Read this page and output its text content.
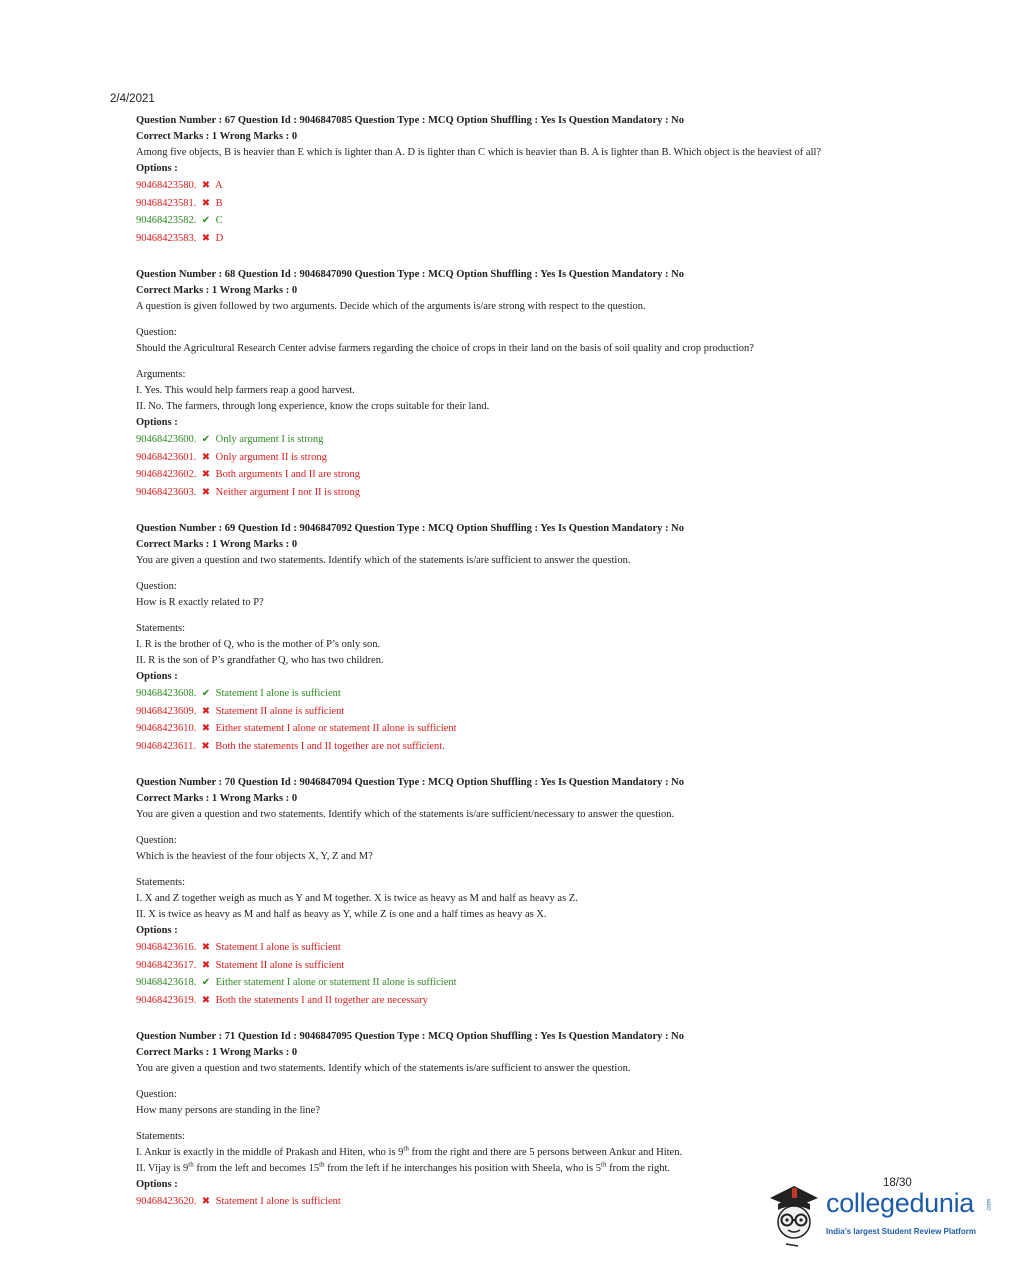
2/4/2021
Question Number : 67 Question Id : 9046847085 Question Type : MCQ Option Shuffling : Yes Is Question Mandatory : No
Correct Marks : 1 Wrong Marks : 0
Among five objects, B is heavier than E which is lighter than A. D is lighter than C which is heavier than B. A is lighter than B. Which object is the heaviest of all?
Options :
90468423580. ✖ A
90468423581. ✖ B
90468423582. ✔ C
90468423583. ✖ D
Question Number : 68 Question Id : 9046847090 Question Type : MCQ Option Shuffling : Yes Is Question Mandatory : No
Correct Marks : 1 Wrong Marks : 0
A question is given followed by two arguments. Decide which of the arguments is/are strong with respect to the question.
Question:
Should the Agricultural Research Center advise farmers regarding the choice of crops in their land on the basis of soil quality and crop production?
Arguments:
I. Yes. This would help farmers reap a good harvest.
II. No. The farmers, through long experience, know the crops suitable for their land.
Options :
90468423600. ✔ Only argument I is strong
90468423601. ✖ Only argument II is strong
90468423602. ✖ Both arguments I and II are strong
90468423603. ✖ Neither argument I nor II is strong
Question Number : 69 Question Id : 9046847092 Question Type : MCQ Option Shuffling : Yes Is Question Mandatory : No
Correct Marks : 1 Wrong Marks : 0
You are given a question and two statements. Identify which of the statements is/are sufficient to answer the question.
Question:
How is R exactly related to P?
Statements:
I. R is the brother of Q, who is the mother of P’s only son.
II. R is the son of P’s grandfather Q, who has two children.
Options :
90468423608. ✔ Statement I alone is sufficient
90468423609. ✖ Statement II alone is sufficient
90468423610. ✖ Either statement I alone or statement II alone is sufficient
90468423611. ✖ Both the statements I and II together are not sufficient.
Question Number : 70 Question Id : 9046847094 Question Type : MCQ Option Shuffling : Yes Is Question Mandatory : No
Correct Marks : 1 Wrong Marks : 0
You are given a question and two statements. Identify which of the statements is/are sufficient/necessary to answer the question.
Question:
Which is the heaviest of the four objects X, Y, Z and M?
Statements:
I. X and Z together weigh as much as Y and M together. X is twice as heavy as M and half as heavy as Z.
II. X is twice as heavy as M and half as heavy as Y, while Z is one and a half times as heavy as X.
Options :
90468423616. ✖ Statement I alone is sufficient
90468423617. ✖ Statement II alone is sufficient
90468423618. ✔ Either statement I alone or statement II alone is sufficient
90468423619. ✖ Both the statements I and II together are necessary
Question Number : 71 Question Id : 9046847095 Question Type : MCQ Option Shuffling : Yes Is Question Mandatory : No
Correct Marks : 1 Wrong Marks : 0
You are given a question and two statements. Identify which of the statements is/are sufficient to answer the question.
Question:
How many persons are standing in the line?
Statements:
I. Ankur is exactly in the middle of Prakash and Hiten, who is 9th from the right and there are 5 persons between Ankur and Hiten.
II. Vijay is 9th from the left and becomes 15th from the left if he interchanges his position with Sheela, who is 5th from the right.
Options :
90468423620. ✖ Statement I alone is sufficient
18/30
collegedunia .com
India’s largest Student Review Platform
